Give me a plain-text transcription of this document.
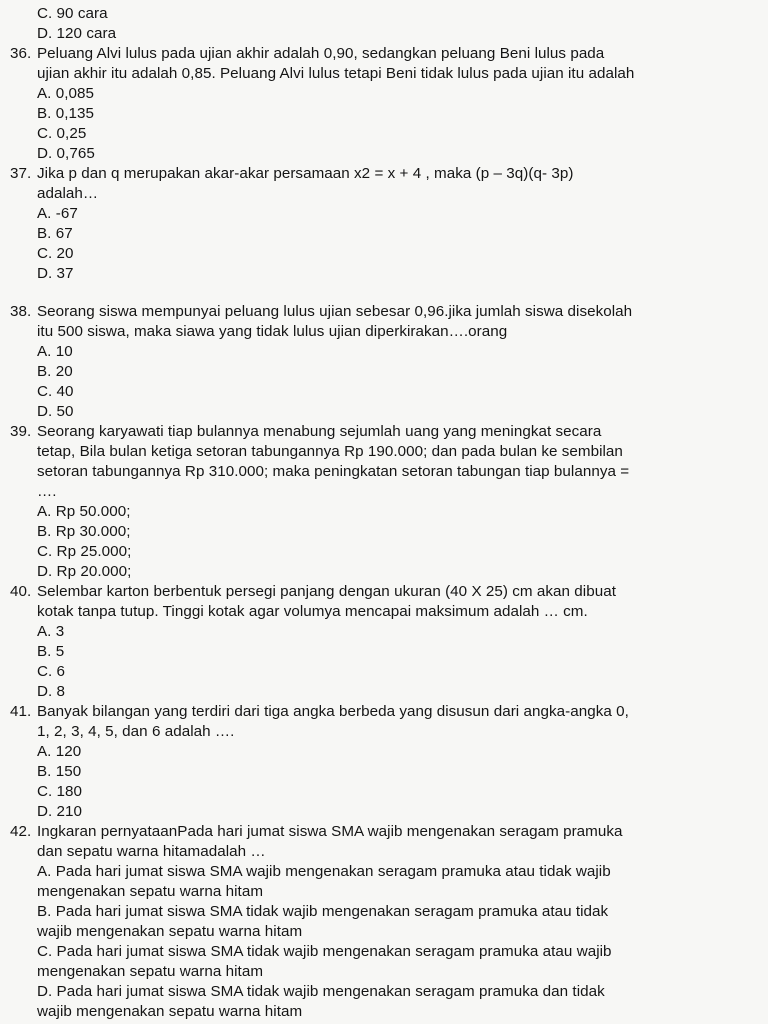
C. 90 cara
D. 120 cara
36. Peluang Alvi lulus pada ujian akhir adalah 0,90, sedangkan peluang Beni lulus pada
ujian akhir itu adalah 0,85. Peluang Alvi lulus tetapi Beni tidak lulus pada ujian itu adalah
A. 0,085
B. 0,135
C. 0,25
D. 0,765
37. Jika p dan q merupakan akar-akar persamaan x2 = x + 4 , maka (p – 3q)(q- 3p)
adalah…
A. -67
B. 67
C. 20
D. 37
38. Seorang siswa mempunyai peluang lulus ujian sebesar 0,96.jika jumlah siswa disekolah
itu 500 siswa, maka siawa yang tidak lulus ujian diperkirakan….orang
A. 10
B. 20
C. 40
D. 50
39. Seorang karyawati tiap bulannya menabung sejumlah uang yang meningkat secara
tetap, Bila bulan ketiga setoran tabungannya Rp 190.000; dan pada bulan ke sembilan
setoran tabungannya Rp 310.000; maka peningkatan setoran tabungan tiap bulannya =
….
A. Rp 50.000;
B. Rp 30.000;
C. Rp 25.000;
D. Rp 20.000;
40. Selembar karton berbentuk persegi panjang dengan ukuran (40 X 25) cm akan dibuat
kotak tanpa tutup. Tinggi kotak agar volumya mencapai maksimum adalah … cm.
A. 3
B. 5
C. 6
D. 8
41. Banyak bilangan yang terdiri dari tiga angka berbeda yang disusun dari angka-angka 0,
1, 2, 3, 4, 5, dan 6 adalah ….
A. 120
B. 150
C. 180
D. 210
42. Ingkaran pernyataanPada hari jumat siswa SMA wajib mengenakan seragam pramuka
dan sepatu warna hitamadalah …
A. Pada hari jumat siswa SMA wajib mengenakan seragam pramuka atau tidak wajib
mengenakan sepatu warna hitam
B. Pada hari jumat siswa SMA tidak wajib mengenakan seragam pramuka atau tidak
wajib mengenakan sepatu warna hitam
C. Pada hari jumat siswa SMA tidak wajib mengenakan seragam pramuka atau wajib
mengenakan sepatu warna hitam
D. Pada hari jumat siswa SMA tidak wajib mengenakan seragam pramuka dan tidak
wajib mengenakan sepatu warna hitam
